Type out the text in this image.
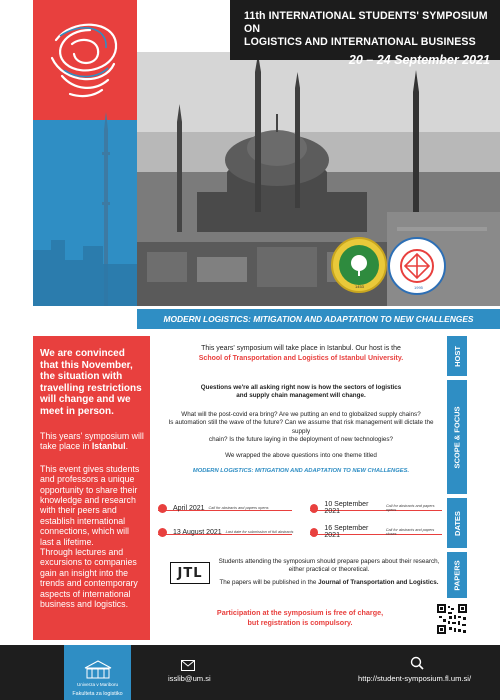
11th INTERNATIONAL STUDENTS' SYMPOSIUM ON
LOGISTICS AND INTERNATIONAL BUSINESS
20 – 24 September 2021
1453	1995
MODERN LOGISTICS: MITIGATION AND ADAPTATION TO NEW CHALLENGES
We are convinced that this November, the situation with travelling restrictions will change and we meet in person.

This years' symposium will take place in Istanbul.

This event gives students and professors a unique opportunity to share their knowledge and research with their peers and establish international connections, which will last a lifetime.

Through lectures and excursions to companies gain an insight into the trends and contemporary aspects of international business and logistics.

This years' symposium will take place in Istanbul. Our host is the
School of Transportation and Logistics of Istanbul University.	HOST
Questions we're all asking right now is how the sectors of logistics
and supply chain management will change.
What will the post-covid era bring? Are we putting an end to globalized supply chains?
Is automation still the wave of the future? Can we assume that risk management will dictate the supply
chain? Is the future laying in the deployment of new technologies?
We wrapped the above questions into one theme titled
MODERN LOGISTICS: MITIGATION AND ADAPTATION TO NEW CHALLENGES.
SCOPE & FOCUS
April 2021 Call for abstracts and papers opens	10 September 2021
Call for abstracts and papers opens
13 August 2021 Last date for submission of full abstracts	16 September 2021
Call for abstracts and papers closes	DATES
JTL
Students attending the symposium should prepare papers about their research,
either practical or theoretical.
The papers will be published in the Journal of Transportation and Logistics.	PAPERS
Participation at the symposium is free of charge,
but registration is compulsory.
Univerza v Mariboru
Fakulteta za logistiko
isslib@um.si	http://student-symposium.fl.um.si/
